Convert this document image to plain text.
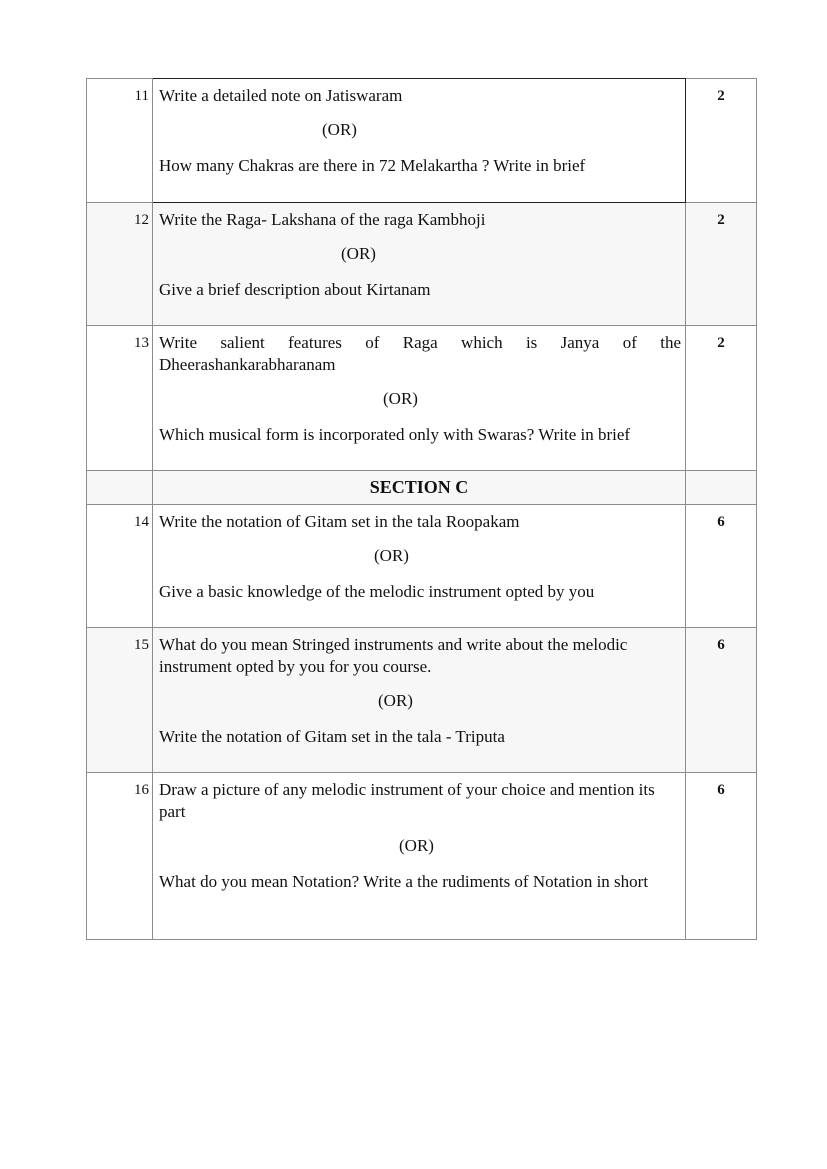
11	Write a detailed note on Jatiswaram
(OR)
How many Chakras are there in 72 Melakartha ? Write in brief	2
12	Write the Raga- Lakshana of the raga Kambhoji
(OR)
Give a brief description about Kirtanam	2
13	Write salient features of Raga which is Janya of the
Dheerashankarabharanam
(OR)
Which musical form is incorporated only with Swaras? Write in brief	2
	SECTION C	
14	Write the notation of Gitam set in the tala Roopakam
(OR)
Give a basic knowledge of the melodic instrument opted by you	6
15	What do you mean Stringed instruments and write about the melodic instrument opted by you for you course.
(OR)
Write the notation of Gitam set in the tala - Triputa	6
16	Draw a picture of any melodic instrument of your choice and mention its part
(OR)
What do you mean Notation? Write a the rudiments of Notation in short	6
